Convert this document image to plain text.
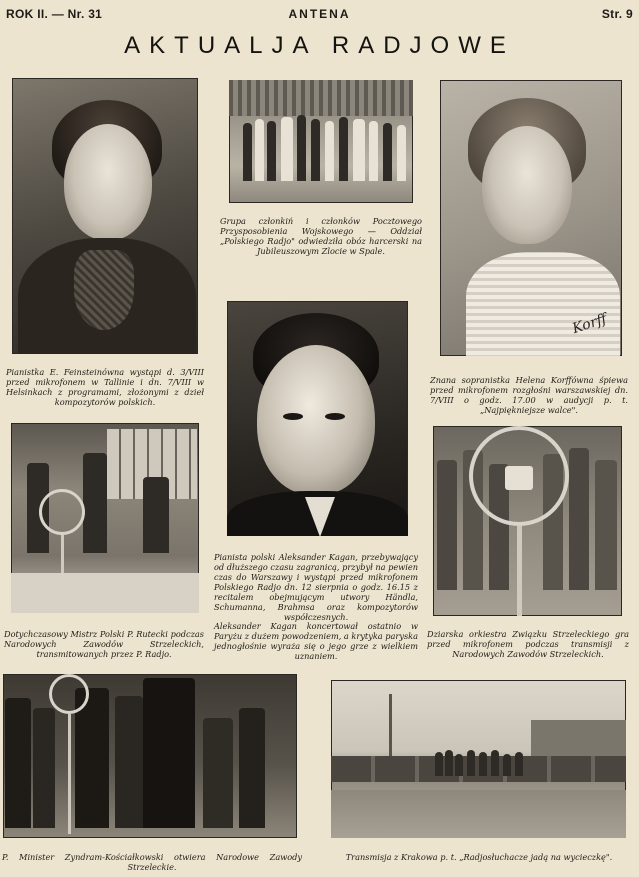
ROK II. — Nr. 31	ANTENA	Str. 9
AKTUALJA RADJOWE
Pianistka E. Feinsteinówna wystąpi d. 3/VIII przed mikrofonem w Tallinie i dn. 7/VIII w Helsinkach z programami, złożonymi z dzieł kompozytorów polskich.
Grupa członkiń i członków Pocztowego Przysposobienia Wojskowego — Oddział „Polskiego Radjo" odwiedziła obóz harcerski na Jubileuszowym Zlocie w Spale.
Korff
Znana sopranistka Helena Korffówna śpiewa przed mikrofonem rozgłośni warszawskiej dn. 7/VIII o godz. 17.00 w audycji p. t. „Najpiękniejsze walce".
Pianista polski Aleksander Kagan, przebywający od dłuższego czasu zagranicą, przybył na pewien czas do Warszawy i wystąpi przed mikrofonem Polskiego Radjo dn. 12 sierpnia o godz. 16.15 z recitalem obejmującym utwory Händla, Schumanna, Brahmsa oraz kompozytorów współczesnych.
Aleksander Kagan koncertował ostatnio w Paryżu z dużem powodzeniem, a krytyka paryska jednogłośnie wyraża się o jego grze z wielkiem uznaniem.
Dotychczasowy Mistrz Polski P. Rutecki podczas Narodowych Zawodów Strzeleckich, transmitowanych przez P. Radjo.
Dziarska orkiestra Związku Strzeleckiego gra przed mikrofonem podczas transmisji z Narodowych Zawodów Strzeleckich.
P. Minister Zyndram-Kościałkowski otwiera Narodowe Zawody Strzeleckie.
Transmisja z Krakowa p. t. „Radjosłuchacze jadą na wycieczkę".
